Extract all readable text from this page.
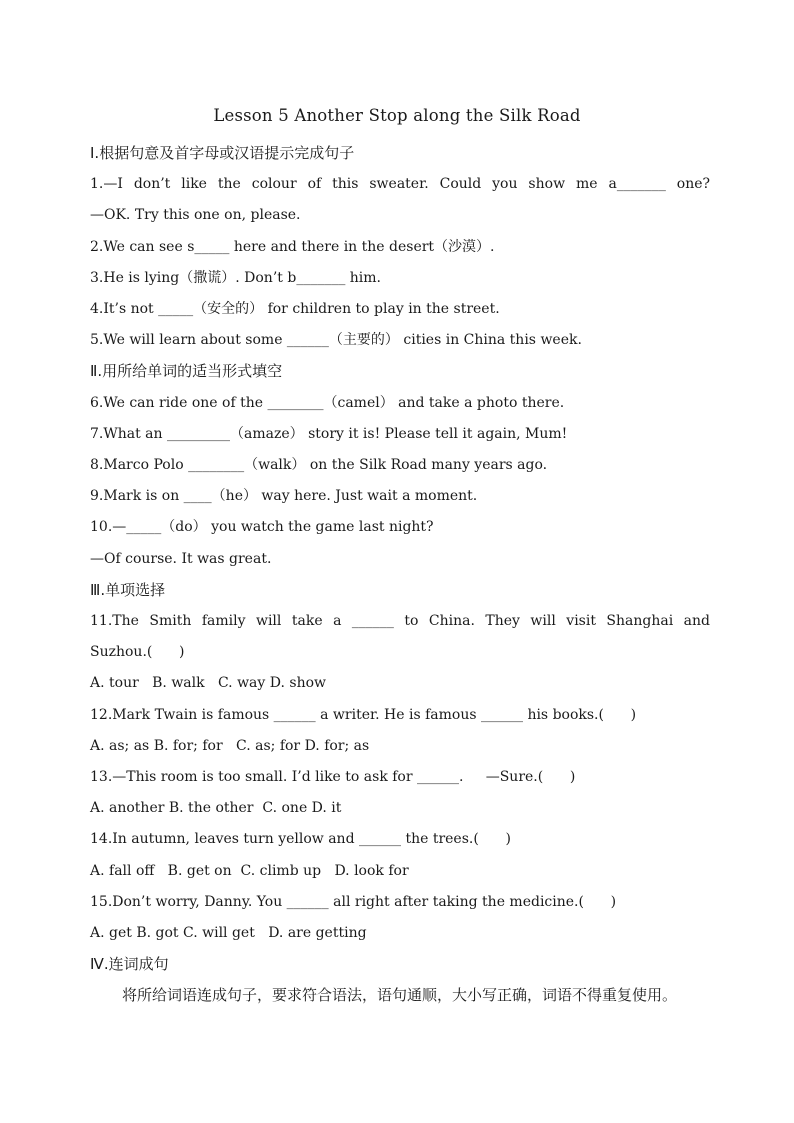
Lesson 5 Another Stop along the Silk Road
Ⅰ.根据句意及首字母或汉语提示完成句子
1.—I don’t like the colour of this sweater. Could you show me a_______ one?
—OK. Try this one on, please.
2.We can see s_____ here and there in the desert（沙漠）.
3.He is lying（撒谎）. Don’t b_______ him.
4.It’s not _____（安全的） for children to play in the street.
5.We will learn about some ______（主要的） cities in China this week.
Ⅱ.用所给单词的适当形式填空
6.We can ride one of the ________（camel） and take a photo there.
7.What an _________（amaze） story it is! Please tell it again, Mum!
8.Marco Polo ________（walk） on the Silk Road many years ago.
9.Mark is on ____（he） way here. Just wait a moment.
10.—_____（do） you watch the game last night?
—Of course. It was great.
Ⅲ.单项选择
11.The Smith family will take a ______ to China. They will visit Shanghai and
Suzhou.(      )
A. tour   B. walk   C. way D. show
12.Mark Twain is famous ______ a writer. He is famous ______ his books.(      )
A. as; as B. for; for   C. as; for D. for; as
13.—This room is too small. I’d like to ask for ______.     —Sure.(      )
A. another B. the other  C. one D. it
14.In autumn, leaves turn yellow and ______ the trees.(      )
A. fall off   B. get on  C. climb up   D. look for
15.Don’t worry, Danny. You ______ all right after taking the medicine.(      )
A. get B. got C. will get   D. are getting
Ⅳ.连词成句
将所给词语连成句子，要求符合语法，语句通顺，大小写正确，词语不得重复使用。
